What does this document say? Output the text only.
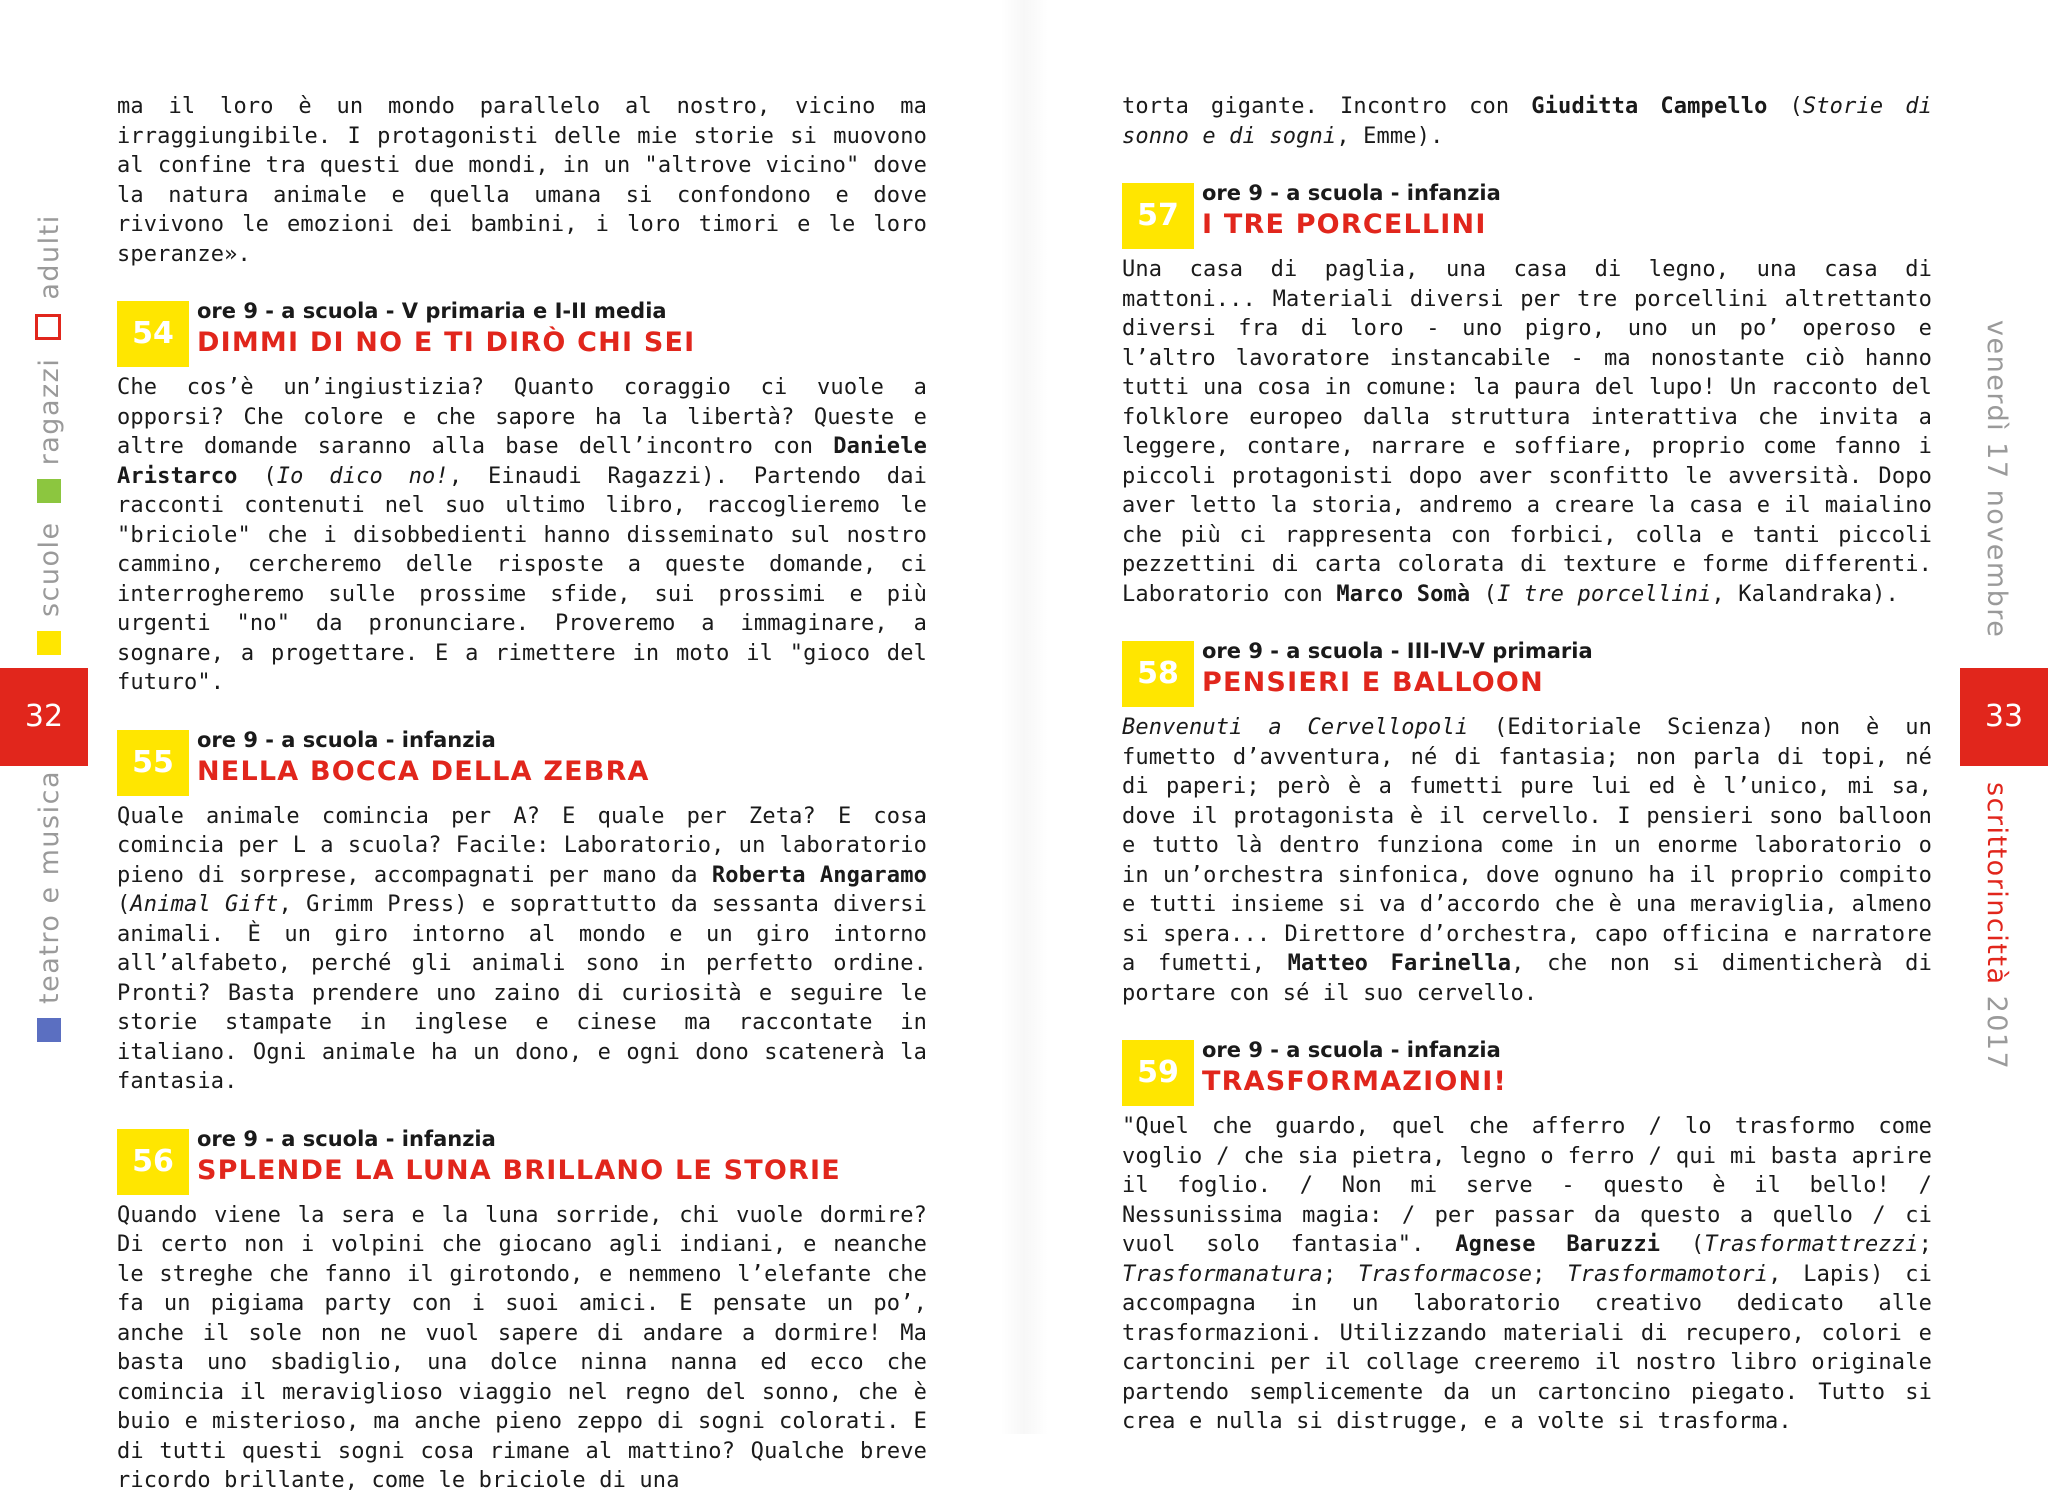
scuoleragazziadulti
32
teatro e musica

ma il loro è un mondo parallelo al nostro, vicino ma irraggiungibile. I protagonisti delle mie storie si muovono al confine tra questi due mondi, in un "altrove vicino" dove la natura animale e quella umana si confondono e dove rivivono le emozioni dei bambini, i loro timori e le loro speranze».

54
ore 9 - a scuola - V primaria e I-II media
DIMMI DI NO E TI DIRÒ CHI SEI

Che cos’è un’ingiustizia? Quanto coraggio ci vuole a opporsi? Che colore e che sapore ha la libertà? Queste e altre domande saranno alla base dell’incontro con Daniele Aristarco (Io dico no!, Einaudi Ragazzi). Partendo dai racconti contenuti nel suo ultimo libro, raccoglieremo le "briciole" che i disobbedienti hanno disseminato sul nostro cammino, cercheremo delle risposte a queste domande, ci interrogheremo sulle prossime sfide, sui prossimi e più urgenti "no" da pronunciare. Proveremo a immaginare, a sognare, a progettare. E a rimettere in moto il "gioco del futuro".

55
ore 9 - a scuola - infanzia
NELLA BOCCA DELLA ZEBRA

Quale animale comincia per A? E quale per Zeta? E cosa comincia per L a scuola? Facile: Laboratorio, un laboratorio pieno di sorprese, accompagnati per mano da Roberta Angaramo (Animal Gift, Grimm Press) e soprattutto da sessanta diversi animali. È un giro intorno al mondo e un giro intorno all’alfabeto, perché gli animali sono in perfetto ordine. Pronti? Basta prendere uno zaino di curiosità e seguire le storie stampate in inglese e cinese ma raccontate in italiano. Ogni animale ha un dono, e ogni dono scatenerà la fantasia.

56
ore 9 - a scuola - infanzia
SPLENDE LA LUNA BRILLANO LE STORIE

Quando viene la sera e la luna sorride, chi vuole dormire? Di certo non i volpini che giocano agli indiani, e neanche le streghe che fanno il girotondo, e nemmeno l’elefante che fa un pigiama party con i suoi amici. E pensate un po’, anche il sole non ne vuol sapere di andare a dormire! Ma basta uno sbadiglio, una dolce ninna nanna ed ecco che comincia il meraviglioso viaggio nel regno del sonno, che è buio e misterioso, ma anche pieno zeppo di sogni colorati. E di tutti questi sogni cosa rimane al mattino? Qualche breve ricordo brillante, come le briciole di una

torta gigante. Incontro con Giuditta Campello (Storie di sonno e di sogni, Emme).

57
ore 9 - a scuola - infanzia
I TRE PORCELLINI

Una casa di paglia, una casa di legno, una casa di mattoni... Materiali diversi per tre porcellini altrettanto diversi fra di loro - uno pigro, uno un po’ operoso e l’altro lavoratore instancabile - ma nonostante ciò hanno tutti una cosa in comune: la paura del lupo! Un racconto del folklore europeo dalla struttura interattiva che invita a leggere, contare, narrare e soffiare, proprio come fanno i piccoli protagonisti dopo aver sconfitto le avversità. Dopo aver letto la storia, andremo a creare la casa e il maialino che più ci rappresenta con forbici, colla e tanti piccoli pezzettini di carta colorata di texture e forme differenti. Laboratorio con Marco Somà (I tre porcellini, Kalandraka).

58
ore 9 - a scuola - III-IV-V primaria
PENSIERI E BALLOON

Benvenuti a Cervellopoli (Editoriale Scienza) non è un fumetto d’avventura, né di fantasia; non parla di topi, né di paperi; però è a fumetti pure lui ed è l’unico, mi sa, dove il protagonista è il cervello. I pensieri sono balloon e tutto là dentro funziona come in un enorme laboratorio o in un’orchestra sinfonica, dove ognuno ha il proprio compito e tutti insieme si va d’accordo che è una meraviglia, almeno si spera... Direttore d’orchestra, capo officina e narratore a fumetti, Matteo Farinella, che non si dimenticherà di portare con sé il suo cervello.

59
ore 9 - a scuola - infanzia
TRASFORMAZIONI!

"Quel che guardo, quel che afferro / lo trasformo come voglio / che sia pietra, legno o ferro / qui mi basta aprire il foglio. / Non mi serve - questo è il bello! / Nessunissima magia: / per passar da questo a quello / ci vuol solo fantasia". Agnese Baruzzi (Trasformattrezzi; Trasformanatura; Trasformacose; Trasformamotori, Lapis) ci accompagna in un laboratorio creativo dedicato alle trasformazioni. Utilizzando materiali di recupero, colori e cartoncini per il collage creeremo il nostro libro originale partendo semplicemente da un cartoncino piegato. Tutto si crea e nulla si distrugge, e a volte si trasforma.

venerdì 17 novembre
33
scrittorincittà 2017
